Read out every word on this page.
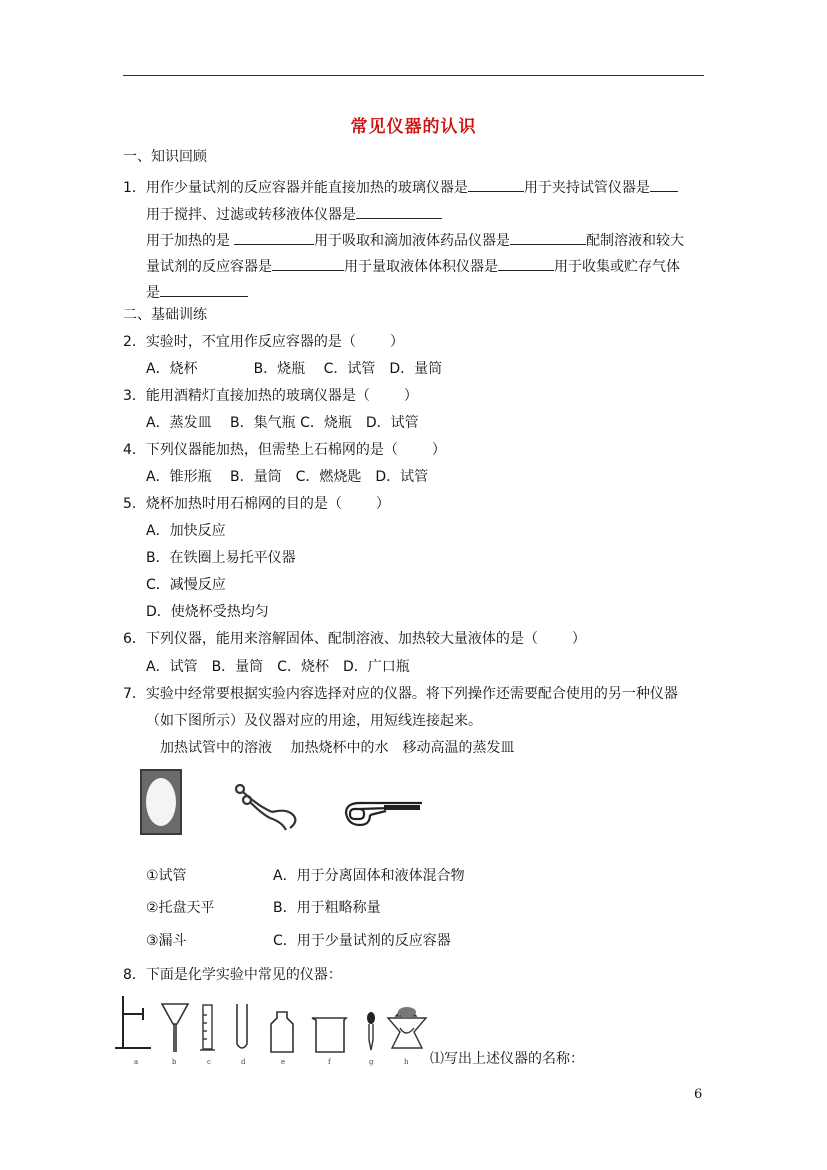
常见仪器的认识
一、知识回顾
1．用作少量试剂的反应容器并能直接加热的玻璃仪器是	用于夹持试管仪器是
用于搅拌、过滤或转移液体仪器是
用于加热的是	用于吸取和滴加液体药品仪器是	配制溶液和较大
量试剂的反应容器是	用于量取液体体积仪器是	用于收集或贮存气体
是
二、基础训练
2．实验时，不宜用作反应容器的是（ ）
A．烧杯　　　　B．烧瓶　 C．试管　D．量筒
3．能用酒精灯直接加热的玻璃仪器是（ ）
A．蒸发皿　 B．集气瓶 C．烧瓶　D．试管
4．下列仪器能加热，但需垫上石棉网的是（ ）
A．锥形瓶　 B．量筒　C．燃烧匙　D．试管
5．烧杯加热时用石棉网的目的是（ ）
A．加快反应
B．在铁圈上易托平仪器
C．减慢反应
D．使烧杯受热均匀
6．下列仪器，能用来溶解固体、配制溶液、加热较大量液体的是（ ）
A．试管　B．量筒　C．烧杯　D．广口瓶
7．实验中经常要根据实验内容选择对应的仪器。将下列操作还需要配合使用的另一种仪器
（如下图所示）及仪器对应的用途，用短线连接起来。
加热试管中的溶液　 加热烧杯中的水　移动高温的蒸发皿
①试管	A．用于分离固体和液体混合物
②托盘天平	B．用于粗略称量
③漏斗	C．用于少量试剂的反应容器
8．下面是化学实验中常见的仪器：
a	b	c	d	e	f	g	h ⑴写出上述仪器的名称：
6
